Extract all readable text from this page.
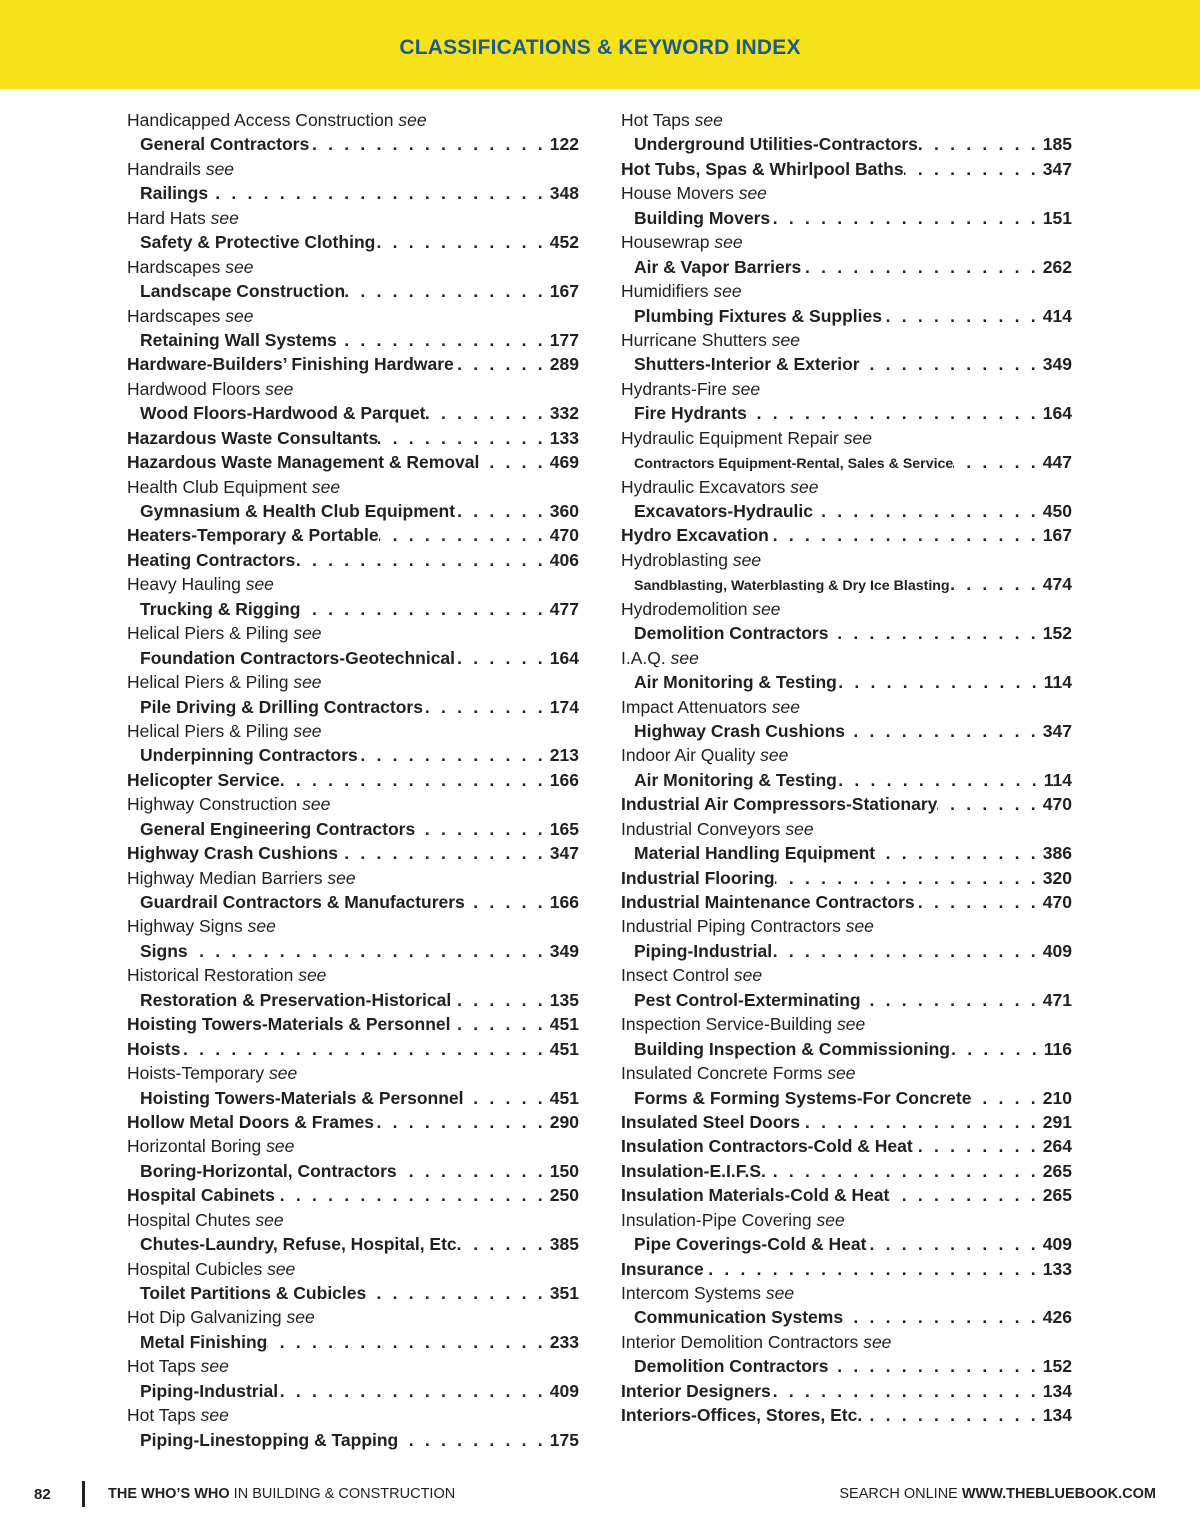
CLASSIFICATIONS & KEYWORD INDEX
Handicapped Access Construction see
General Contractors . . .	122
Handrails see
Railings . . .	348
Hard Hats see
Safety & Protective Clothing . . .	452
Hardscapes see
Landscape Construction . . .	167
Hardscapes see
Retaining Wall Systems . . .	177
Hardware-Builders’ Finishing Hardware . . .	289
Hardwood Floors see
Wood Floors-Hardwood & Parquet . . .	332
Hazardous Waste Consultants . . .	133
Hazardous Waste Management & Removal . . .	469
Health Club Equipment see
Gymnasium & Health Club Equipment . . .	360
Heaters-Temporary & Portable . . .	470
Heating Contractors . . .	406
Heavy Hauling see
Trucking & Rigging . . .	477
Helical Piers & Piling see
Foundation Contractors-Geotechnical . . .	164
Helical Piers & Piling see
Pile Driving & Drilling Contractors . . .	174
Helical Piers & Piling see
Underpinning Contractors . . .	213
Helicopter Service . . .	166
Highway Construction see
General Engineering Contractors . . .	165
Highway Crash Cushions . . .	347
Highway Median Barriers see
Guardrail Contractors & Manufacturers . . .	166
Highway Signs see
Signs . . .	349
Historical Restoration see
Restoration & Preservation-Historical . . .	135
Hoisting Towers-Materials & Personnel . . .	451
Hoists . . .	451
Hoists-Temporary see
Hoisting Towers-Materials & Personnel . . .	451
Hollow Metal Doors & Frames . . .	290
Horizontal Boring see
Boring-Horizontal, Contractors . . .	150
Hospital Cabinets . . .	250
Hospital Chutes see
Chutes-Laundry, Refuse, Hospital, Etc. . . .	385
Hospital Cubicles see
Toilet Partitions & Cubicles . . .	351
Hot Dip Galvanizing see
Metal Finishing . . .	233
Hot Taps see
Piping-Industrial . . .	409
Hot Taps see
Piping-Linestopping & Tapping . . .	175
Hot Taps see
Underground Utilities-Contractors . . .	185
Hot Tubs, Spas & Whirlpool Baths . . .	347
House Movers see
Building Movers . . .	151
Housewrap see
Air & Vapor Barriers . . .	262
Humidifiers see
Plumbing Fixtures & Supplies . . .	414
Hurricane Shutters see
Shutters-Interior & Exterior . . .	349
Hydrants-Fire see
Fire Hydrants . . .	164
Hydraulic Equipment Repair see
Contractors Equipment-Rental, Sales & Service . . .	447
Hydraulic Excavators see
Excavators-Hydraulic . . .	450
Hydro Excavation . . .	167
Hydroblasting see
Sandblasting, Waterblasting & Dry Ice Blasting . . .	474
Hydrodemolition see
Demolition Contractors . . .	152
I.A.Q. see
Air Monitoring & Testing . . .	114
Impact Attenuators see
Highway Crash Cushions . . .	347
Indoor Air Quality see
Air Monitoring & Testing . . .	114
Industrial Air Compressors-Stationary . . .	470
Industrial Conveyors see
Material Handling Equipment . . .	386
Industrial Flooring . . .	320
Industrial Maintenance Contractors . . .	470
Industrial Piping Contractors see
Piping-Industrial . . .	409
Insect Control see
Pest Control-Exterminating . . .	471
Inspection Service-Building see
Building Inspection & Commissioning . . .	116
Insulated Concrete Forms see
Forms & Forming Systems-For Concrete . . .	210
Insulated Steel Doors . . .	291
Insulation Contractors-Cold & Heat . . .	264
Insulation-E.I.F.S. . . .	265
Insulation Materials-Cold & Heat . . .	265
Insulation-Pipe Covering see
Pipe Coverings-Cold & Heat . . .	409
Insurance . . .	133
Intercom Systems see
Communication Systems . . .	426
Interior Demolition Contractors see
Demolition Contractors . . .	152
Interior Designers . . .	134
Interiors-Offices, Stores, Etc. . . .	134
82	THE WHO’S WHO IN BUILDING & CONSTRUCTION	SEARCH ONLINE WWW.THEBLUEBOOK.COM
